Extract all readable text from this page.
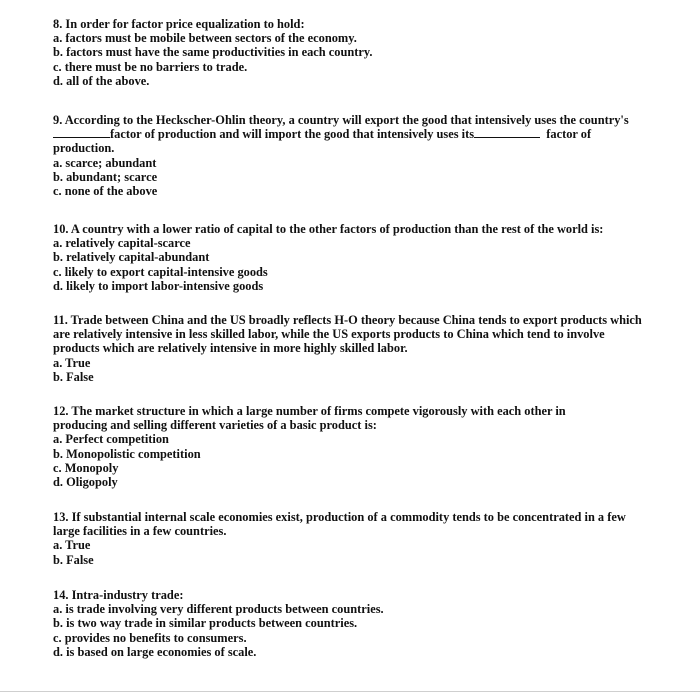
8. In order for factor price equalization to hold:
a. factors must be mobile between sectors of the economy.
b. factors must have the same productivities in each country.
c. there must be no barriers to trade.
d. all of the above.
9. According to the Heckscher-Ohlin theory, a country will export the good that intensively uses the country's
factor of production and will import the good that intensively uses its	factor of
production.
a. scarce; abundant
b. abundant; scarce
c. none of the above
10. A country with a lower ratio of capital to the other factors of production than the rest of the world is:
a. relatively capital-scarce
b. relatively capital-abundant
c. likely to export capital-intensive goods
d. likely to import labor-intensive goods
11. Trade between China and the US broadly reflects H-O theory because China tends to export products which
are relatively intensive in less skilled labor, while the US exports products to China which tend to involve
products which are relatively intensive in more highly skilled labor.
a. True
b. False
12. The market structure in which a large number of firms compete vigorously with each other in
producing and selling different varieties of a basic product is:
a. Perfect competition
b. Monopolistic competition
c. Monopoly
d. Oligopoly
13. If substantial internal scale economies exist, production of a commodity tends to be concentrated in a few
large facilities in a few countries.
a. True
b. False
14. Intra-industry trade:
a. is trade involving very different products between countries.
b. is two way trade in similar products between countries.
c. provides no benefits to consumers.
d. is based on large economies of scale.
